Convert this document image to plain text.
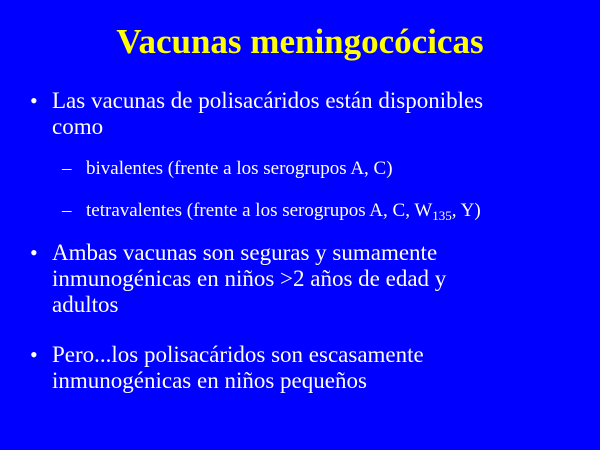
Vacunas meningocócicas
• Las vacunas de polisacáridos están disponibles
como
– bivalentes (frente a los serogrupos A, C)
– tetravalentes (frente a los serogrupos A, C, $W_{135}$, Y)
• Ambas vacunas son seguras y sumamente
inmunogénicas en niños >2 años de edad y
adultos
• Pero...los polisacáridos son escasamente
inmunogénicas en niños pequeños
